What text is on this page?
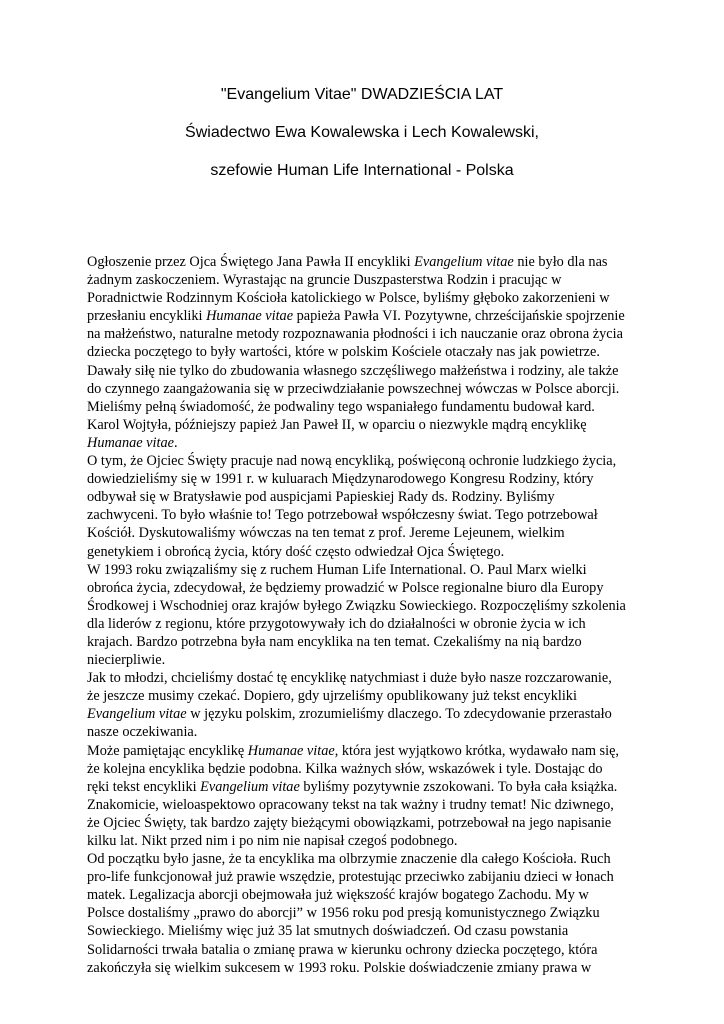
"Evangelium Vitae" DWADZIEŚCIA LAT
Świadectwo Ewa Kowalewska i Lech Kowalewski,
szefowie Human Life International - Polska
Ogłoszenie przez Ojca Świętego Jana Pawła II encykliki Evangelium vitae nie było dla nas
żadnym zaskoczeniem. Wyrastając na gruncie Duszpasterstwa Rodzin i pracując w
Poradnictwie Rodzinnym Kościoła katolickiego w Polsce, byliśmy głęboko zakorzenieni w
przesłaniu encykliki Humanae vitae papieża Pawła VI. Pozytywne, chrześcijańskie spojrzenie
na małżeństwo, naturalne metody rozpoznawania płodności i ich nauczanie oraz obrona życia
dziecka poczętego to były wartości, które w polskim Kościele otaczały nas jak powietrze.
Dawały siłę nie tylko do zbudowania własnego szczęśliwego małżeństwa i rodziny, ale także
do czynnego zaangażowania się w przeciwdziałanie powszechnej wówczas w Polsce aborcji.
Mieliśmy pełną świadomość, że podwaliny tego wspaniałego fundamentu budował kard.
Karol Wojtyła, późniejszy papież Jan Paweł II, w oparciu o niezwykle mądrą encyklikę
Humanae vitae.
O tym, że Ojciec Święty pracuje nad nową encykliką, poświęconą ochronie ludzkiego życia,
dowiedzieliśmy się w 1991 r. w kuluarach Międzynarodowego Kongresu Rodziny, który
odbywał się w Bratysławie pod auspicjami Papieskiej Rady ds. Rodziny. Byliśmy
zachwyceni. To było właśnie to! Tego potrzebował współczesny świat. Tego potrzebował
Kościół. Dyskutowaliśmy wówczas na ten temat z prof. Jereme Lejeunem, wielkim
genetykiem i obrońcą życia, który dość często odwiedzał Ojca Świętego.
W 1993 roku związaliśmy się z ruchem Human Life International. O. Paul Marx wielki
obrońca życia, zdecydował, że będziemy prowadzić w Polsce regionalne biuro dla Europy
Środkowej i Wschodniej oraz krajów byłego Związku Sowieckiego. Rozpoczęliśmy szkolenia
dla liderów z regionu, które przygotowywały ich do działalności w obronie życia w ich
krajach. Bardzo potrzebna była nam encyklika na ten temat. Czekaliśmy na nią bardzo
niecierpliwie.
Jak to młodzi, chcieliśmy dostać tę encyklikę natychmiast i duże było nasze rozczarowanie,
że jeszcze musimy czekać. Dopiero, gdy ujrzeliśmy opublikowany już tekst encykliki
Evangelium vitae w języku polskim, zrozumieliśmy dlaczego. To zdecydowanie przerastało
nasze oczekiwania.
Może pamiętając encyklikę Humanae vitae, która jest wyjątkowo krótka, wydawało nam się,
że kolejna encyklika będzie podobna. Kilka ważnych słów, wskazówek i tyle. Dostając do
ręki tekst encykliki Evangelium vitae byliśmy pozytywnie zszokowani. To była cała książka.
Znakomicie, wieloaspektowo opracowany tekst na tak ważny i trudny temat! Nic dziwnego,
że Ojciec Święty, tak bardzo zajęty bieżącymi obowiązkami, potrzebował na jego napisanie
kilku lat. Nikt przed nim i po nim nie napisał czegoś podobnego.
Od początku było jasne, że ta encyklika ma olbrzymie znaczenie dla całego Kościoła. Ruch
pro-life funkcjonował już prawie wszędzie, protestując przeciwko zabijaniu dzieci w łonach
matek. Legalizacja aborcji obejmowała już większość krajów bogatego Zachodu. My w
Polsce dostaliśmy „prawo do aborcji” w 1956 roku pod presją komunistycznego Związku
Sowieckiego. Mieliśmy więc już 35 lat smutnych doświadczeń. Od czasu powstania
Solidarności trwała batalia o zmianę prawa w kierunku ochrony dziecka poczętego, która
zakończyła się wielkim sukcesem w 1993 roku. Polskie doświadczenie zmiany prawa w
